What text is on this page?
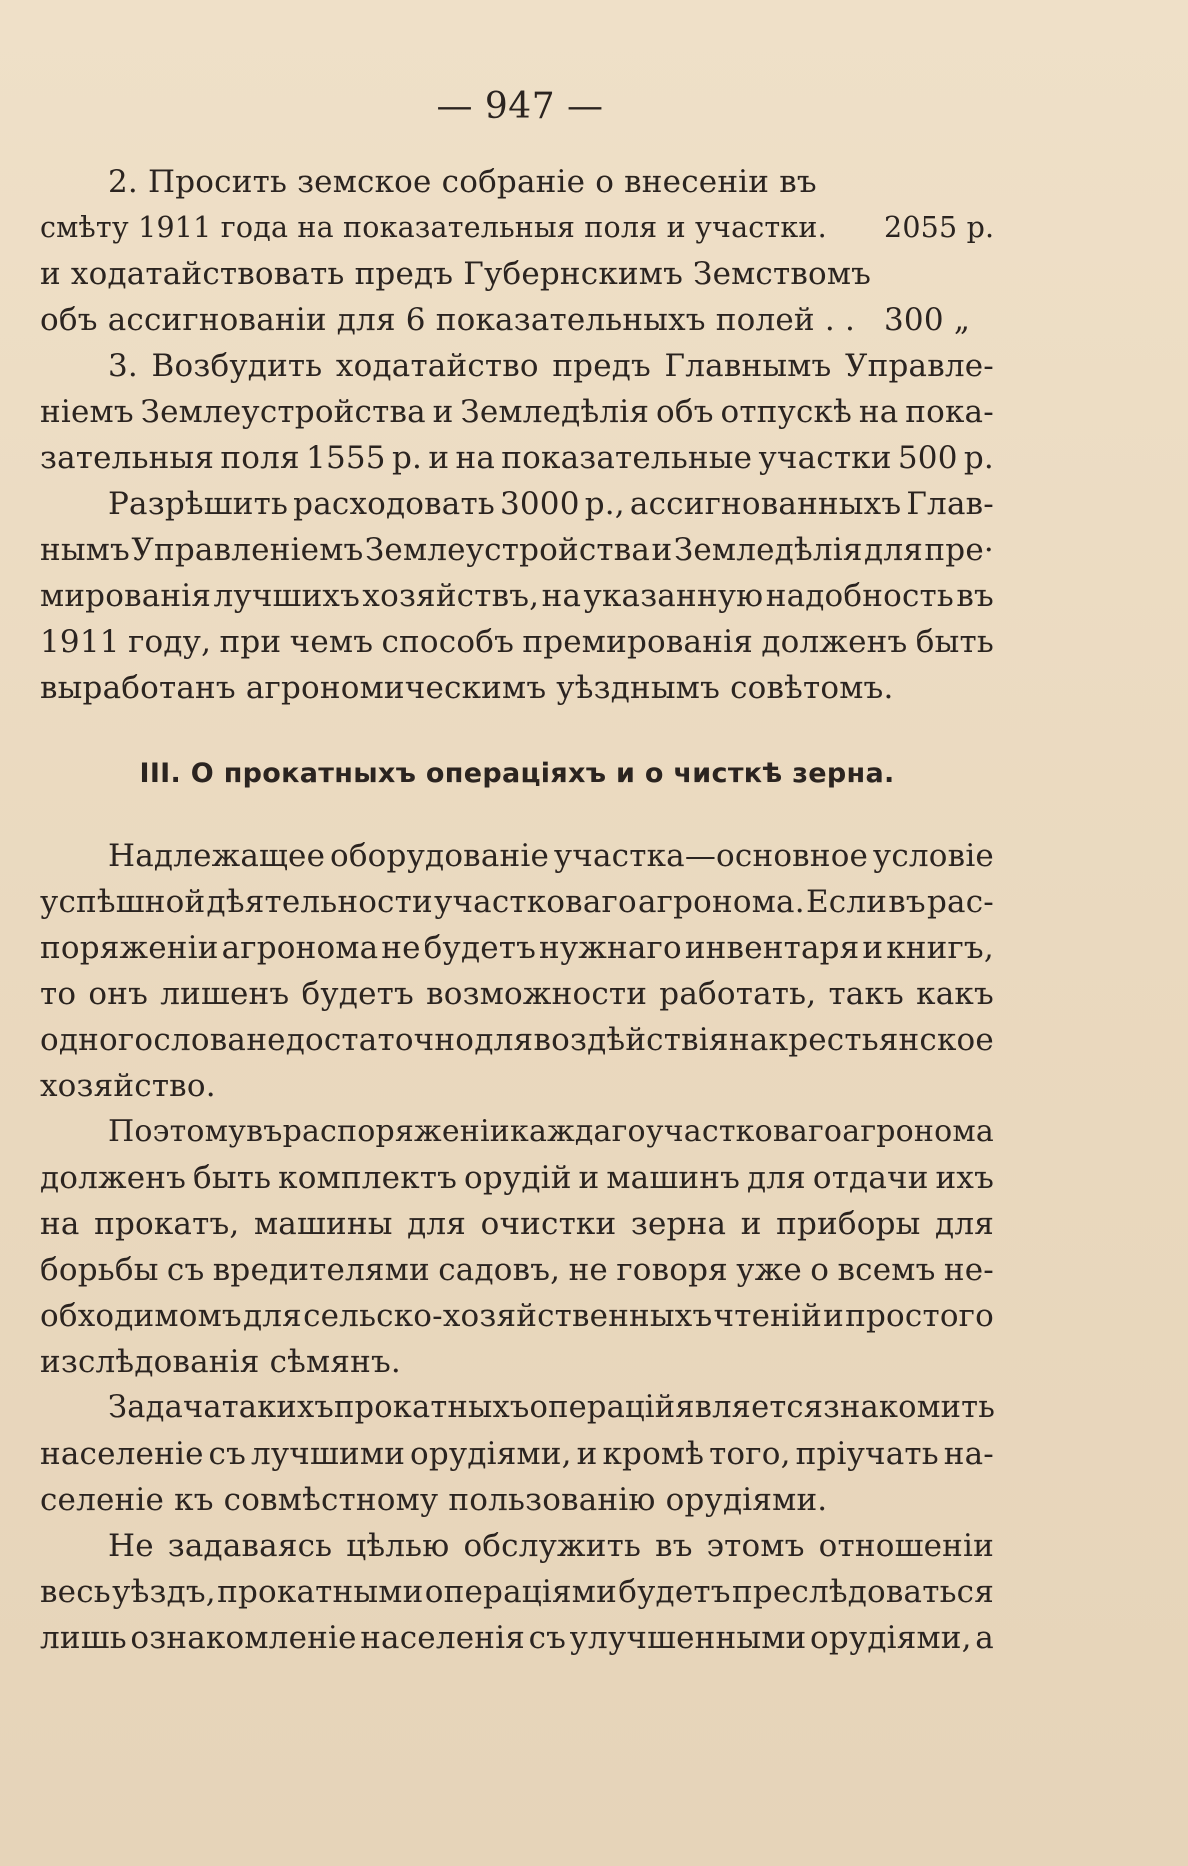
— 947 —
2. Просить земское собраніе о внесеніи въ
смѣту 1911 года на показательныя поля и участки.	2055 р.
и ходатайствовать предъ Губернскимъ Земствомъ
объ ассигнованіи для 6 показательныхъ полей . . 300 „
3. Возбудить ходатайство предъ Главнымъ Управле-
ніемъ Землеустройства и Земледѣлія объ отпускѣ на пока-
зательныя поля 1555 р. и на показательные участки 500 р.
Разрѣшить расходовать 3000 р., ассигнованныхъ Глав-
нымъ Управленіемъ Землеустройства и Земледѣлія для пре·
мированія лучшихъ хозяйствъ, на указанную надобность въ
1911 году, при чемъ способъ премированія долженъ быть
выработанъ агрономическимъ уѣзднымъ совѣтомъ.
III. О прокатныхъ операціяхъ и о чисткѣ зерна.
Надлежащее оборудованіе участка—основное условіе
успѣшной дѣятельности участковаго агронома. Если въ рас-
поряженіи агронома не будетъ нужнаго инвентаря и книгъ,
то онъ лишенъ будетъ возможности работать, такъ какъ
одного слова недостаточно для воздѣйствія на крестьянское
хозяйство.
Поэтому въ распоряженіи каждаго участковаго агронома
долженъ быть комплектъ орудій и машинъ для отдачи ихъ
на прокатъ, машины для очистки зерна и приборы для
борьбы съ вредителями садовъ, не говоря уже о всемъ не-
обходимомъ для сельско-хозяйственныхъ чтеній и простого
изслѣдованія сѣмянъ.
Задача такихъ прокатныхъ операцій является знакомить
населеніе съ лучшими орудіями, и кромѣ того, пріучать на-
селеніе къ совмѣстному пользованію орудіями.
Не задаваясь цѣлью обслужить въ этомъ отношеніи
весь уѣздъ, прокатными операціями будетъ преслѣдоваться
лишь ознакомленіе населенія съ улучшенными орудіями, а
